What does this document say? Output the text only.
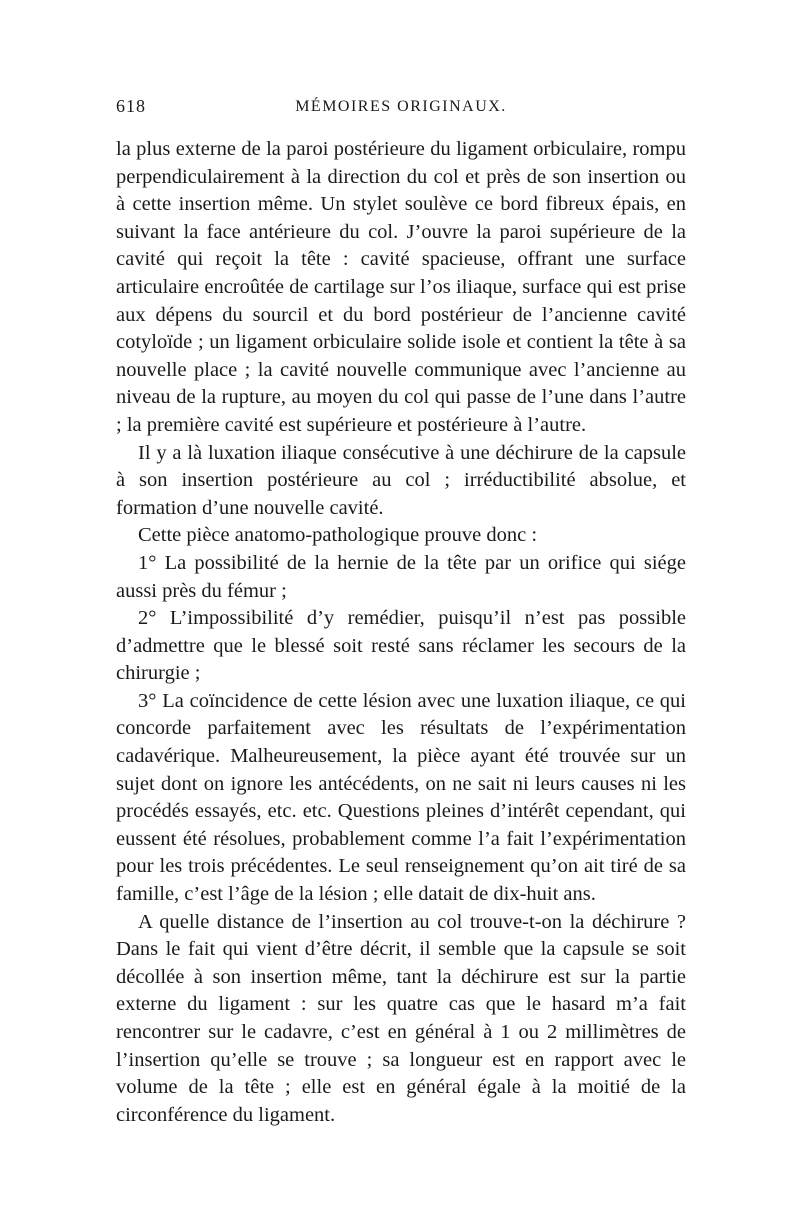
618	MÉMOIRES ORIGINAUX.

la plus externe de la paroi postérieure du ligament orbiculaire, rompu perpendiculairement à la direction du col et près de son insertion ou à cette insertion même. Un stylet soulève ce bord fibreux épais, en suivant la face antérieure du col. J’ouvre la paroi supérieure de la cavité qui reçoit la tête : cavité spacieuse, offrant une surface articulaire encroûtée de cartilage sur l’os iliaque, surface qui est prise aux dépens du sourcil et du bord postérieur de l’ancienne cavité cotyloïde ; un ligament orbiculaire solide isole et contient la tête à sa nouvelle place ; la cavité nouvelle communique avec l’ancienne au niveau de la rupture, au moyen du col qui passe de l’une dans l’autre ; la première cavité est supérieure et postérieure à l’autre.

Il y a là luxation iliaque consécutive à une déchirure de la capsule à son insertion postérieure au col ; irréductibilité absolue, et formation d’une nouvelle cavité.

Cette pièce anatomo-pathologique prouve donc :

1° La possibilité de la hernie de la tête par un orifice qui siége aussi près du fémur ;

2° L’impossibilité d’y remédier, puisqu’il n’est pas possible d’admettre que le blessé soit resté sans réclamer les secours de la chirurgie ;

3° La coïncidence de cette lésion avec une luxation iliaque, ce qui concorde parfaitement avec les résultats de l’expérimentation cadavérique. Malheureusement, la pièce ayant été trouvée sur un sujet dont on ignore les antécédents, on ne sait ni leurs causes ni les procédés essayés, etc. etc. Questions pleines d’intérêt cependant, qui eussent été résolues, probablement comme l’a fait l’expérimentation pour les trois précédentes. Le seul renseignement qu’on ait tiré de sa famille, c’est l’âge de la lésion ; elle datait de dix-huit ans.

A quelle distance de l’insertion au col trouve-t-on la déchirure ? Dans le fait qui vient d’être décrit, il semble que la capsule se soit décollée à son insertion même, tant la déchirure est sur la partie externe du ligament : sur les quatre cas que le hasard m’a fait rencontrer sur le cadavre, c’est en général à 1 ou 2 millimètres de l’insertion qu’elle se trouve ; sa longueur est en rapport avec le volume de la tête ; elle est en général égale à la moitié de la circonférence du ligament.
